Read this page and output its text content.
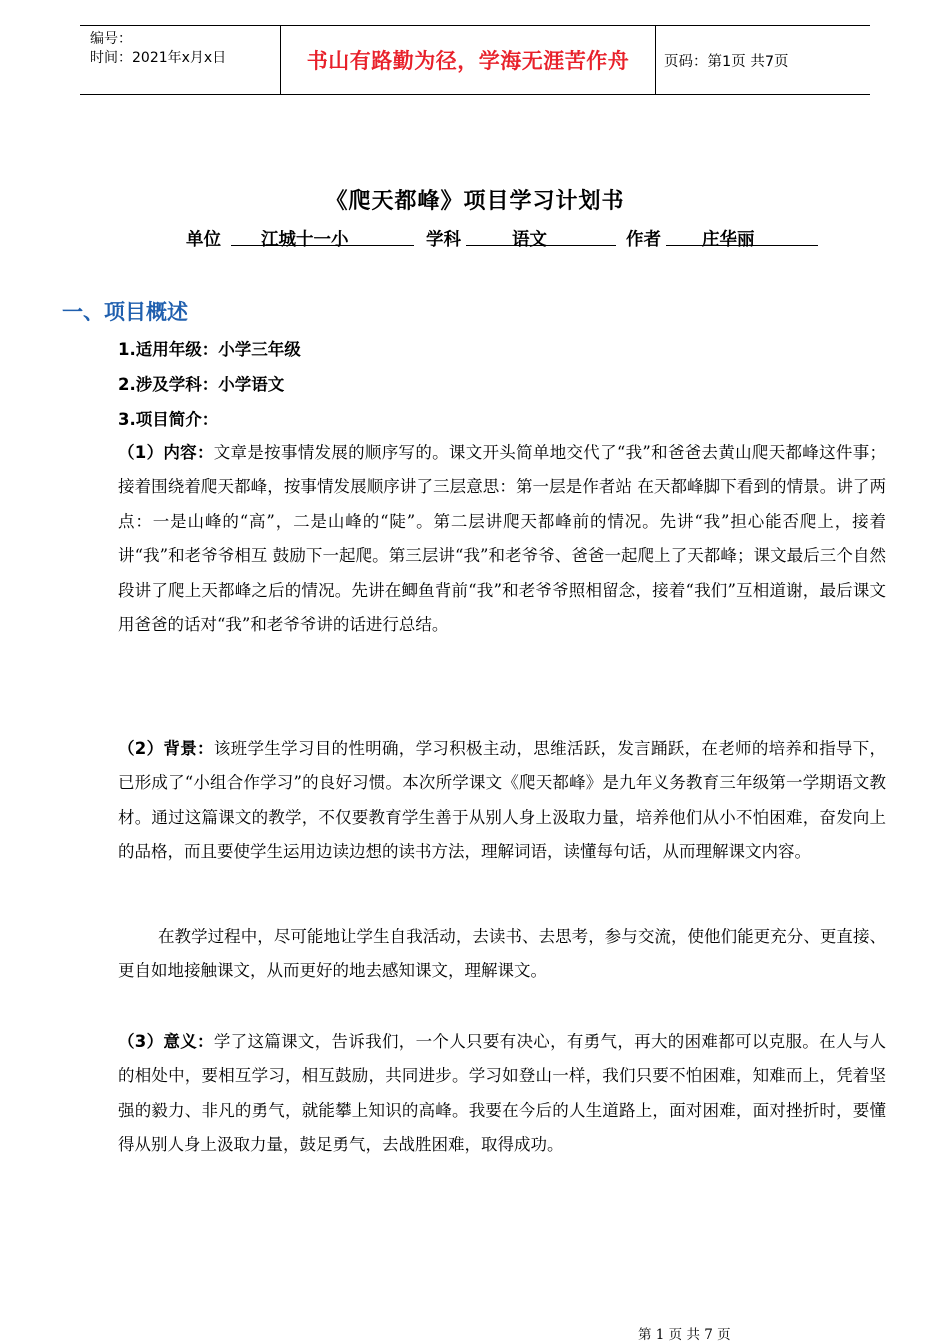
编号：
时间：2021年x月x日	书山有路勤为径，学海无涯苦作舟	页码：第1页 共7页
《爬天都峰》项目学习计划书
单位	江城十一小	学科	语文	作者	庄华丽
一、项目概述
1.适用年级：小学三年级
2.涉及学科：小学语文
3.项目简介：
（1）内容：文章是按事情发展的顺序写的。课文开头简单地交代了“我”和爸爸去黄山爬天都峰这件事；接着围绕着爬天都峰，按事情发展顺序讲了三层意思：第一层是作者站 在天都峰脚下看到的情景。讲了两点：一是山峰的“高”，二是山峰的“陡”。第二层讲爬天都峰前的情况。先讲“我”担心能否爬上，接着讲“我”和老爷爷相互 鼓励下一起爬。第三层讲“我”和老爷爷、爸爸一起爬上了天都峰；课文最后三个自然段讲了爬上天都峰之后的情况。先讲在鲫鱼背前“我”和老爷爷照相留念，接着“我们”互相道谢，最后课文用爸爸的话对“我”和老爷爷讲的话进行总结。
（2）背景：该班学生学习目的性明确，学习积极主动，思维活跃，发言踊跃，在老师的培养和指导下，已形成了“小组合作学习”的良好习惯。本次所学课文《爬天都峰》是九年义务教育三年级第一学期语文教材。通过这篇课文的教学，不仅要教育学生善于从别人身上汲取力量，培养他们从小不怕困难，奋发向上的品格，而且要使学生运用边读边想的读书方法，理解词语，读懂每句话，从而理解课文内容。
在教学过程中，尽可能地让学生自我活动，去读书、去思考，参与交流，使他们能更充分、更直接、更自如地接触课文，从而更好的地去感知课文，理解课文。
（3）意义：学了这篇课文，告诉我们，一个人只要有决心，有勇气，再大的困难都可以克服。在人与人的相处中，要相互学习，相互鼓励，共同进步。学习如登山一样，我们只要不怕困难，知难而上，凭着坚强的毅力、非凡的勇气，就能攀上知识的高峰。我要在今后的人生道路上，面对困难，面对挫折时，要懂得从别人身上汲取力量，鼓足勇气，去战胜困难，取得成功。
第 1 页 共 7 页
